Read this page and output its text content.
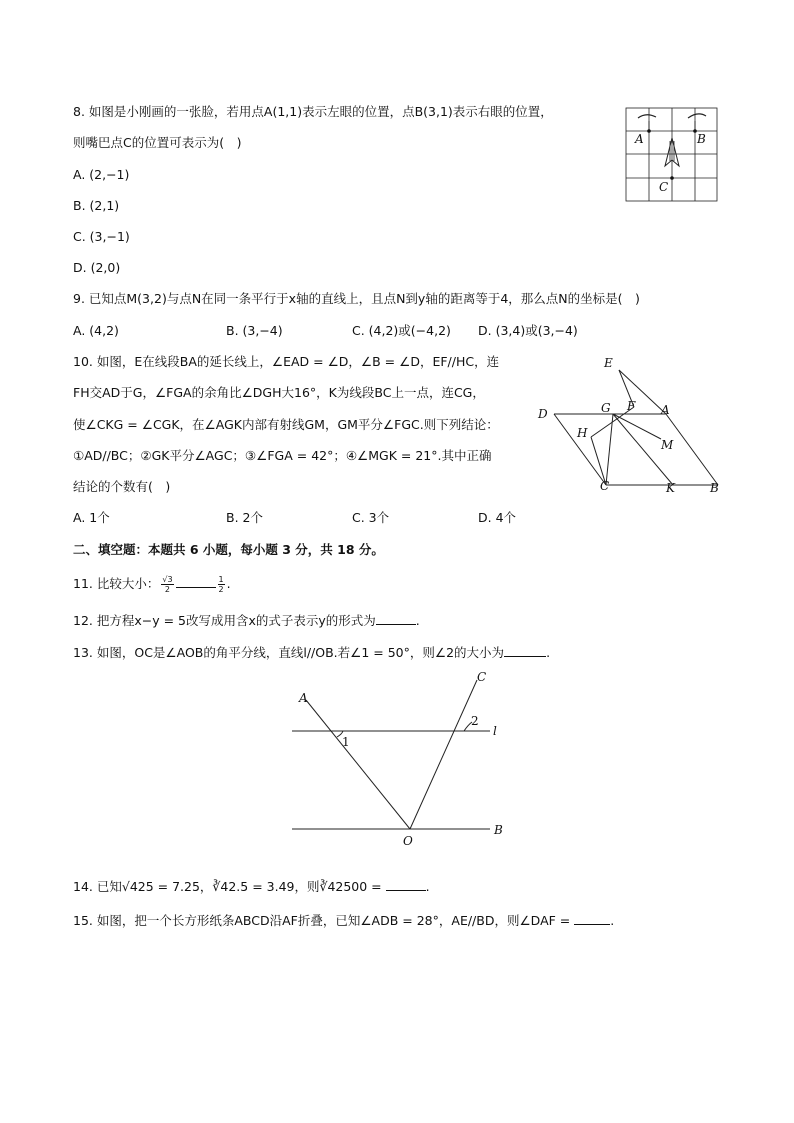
8. 如图是小刚画的一张脸，若用点A(1,1)表示左眼的位置，点B(3,1)表示右眼的位置，
则嘴巴点C的位置可表示为(　)
A. (2,−1)
B. (2,1)
C. (3,−1)
D. (2,0)
A	B
C
9. 已知点M(3,2)与点N在同一条平行于x轴的直线上，且点N到y轴的距离等于4，那么点N的坐标是(　)
A. (4,2)	B. (3,−4)	C. (4,2)或(−4,2) D. (3,4)或(3,−4)
10. 如图，E在线段BA的延长线上，∠EAD = ∠D，∠B = ∠D，EF//HC，连
FH交AD于G，∠FGA的余角比∠DGH大16°，K为线段BC上一点，连CG，
使∠CKG = ∠CGK，在∠AGK内部有射线GM，GM平分∠FGC.则下列结论：
①AD//BC；②GK平分∠AGC；③∠FGA = 42°；④∠MGK = 21°.其中正确
结论的个数有(　)
A. 1个	B. 2个	C. 3个	D. 4个
E
D	G F A
H
M
C	K	B
二、填空题：本题共 6 小题，每小题 3 分，共 18 分。
11. 比较大小： $\frac{√3}{2}$	$\frac{1}{2}$ .
12. 把方程x−y = 5改写成用含x的式子表示y的形式为	.
13. 如图，OC是∠AOB的角平分线，直线l//OB.若∠1 = 50°，则∠2的大小为	.
A
C
1
2
l
O
B
14. 已知√425 = 7.25，∛42.5 = 3.49，则∛42500 =	.
15. 如图，把一个长方形纸条ABCD沿AF折叠，已知∠ADB = 28°，AE//BD，则∠DAF =	.
